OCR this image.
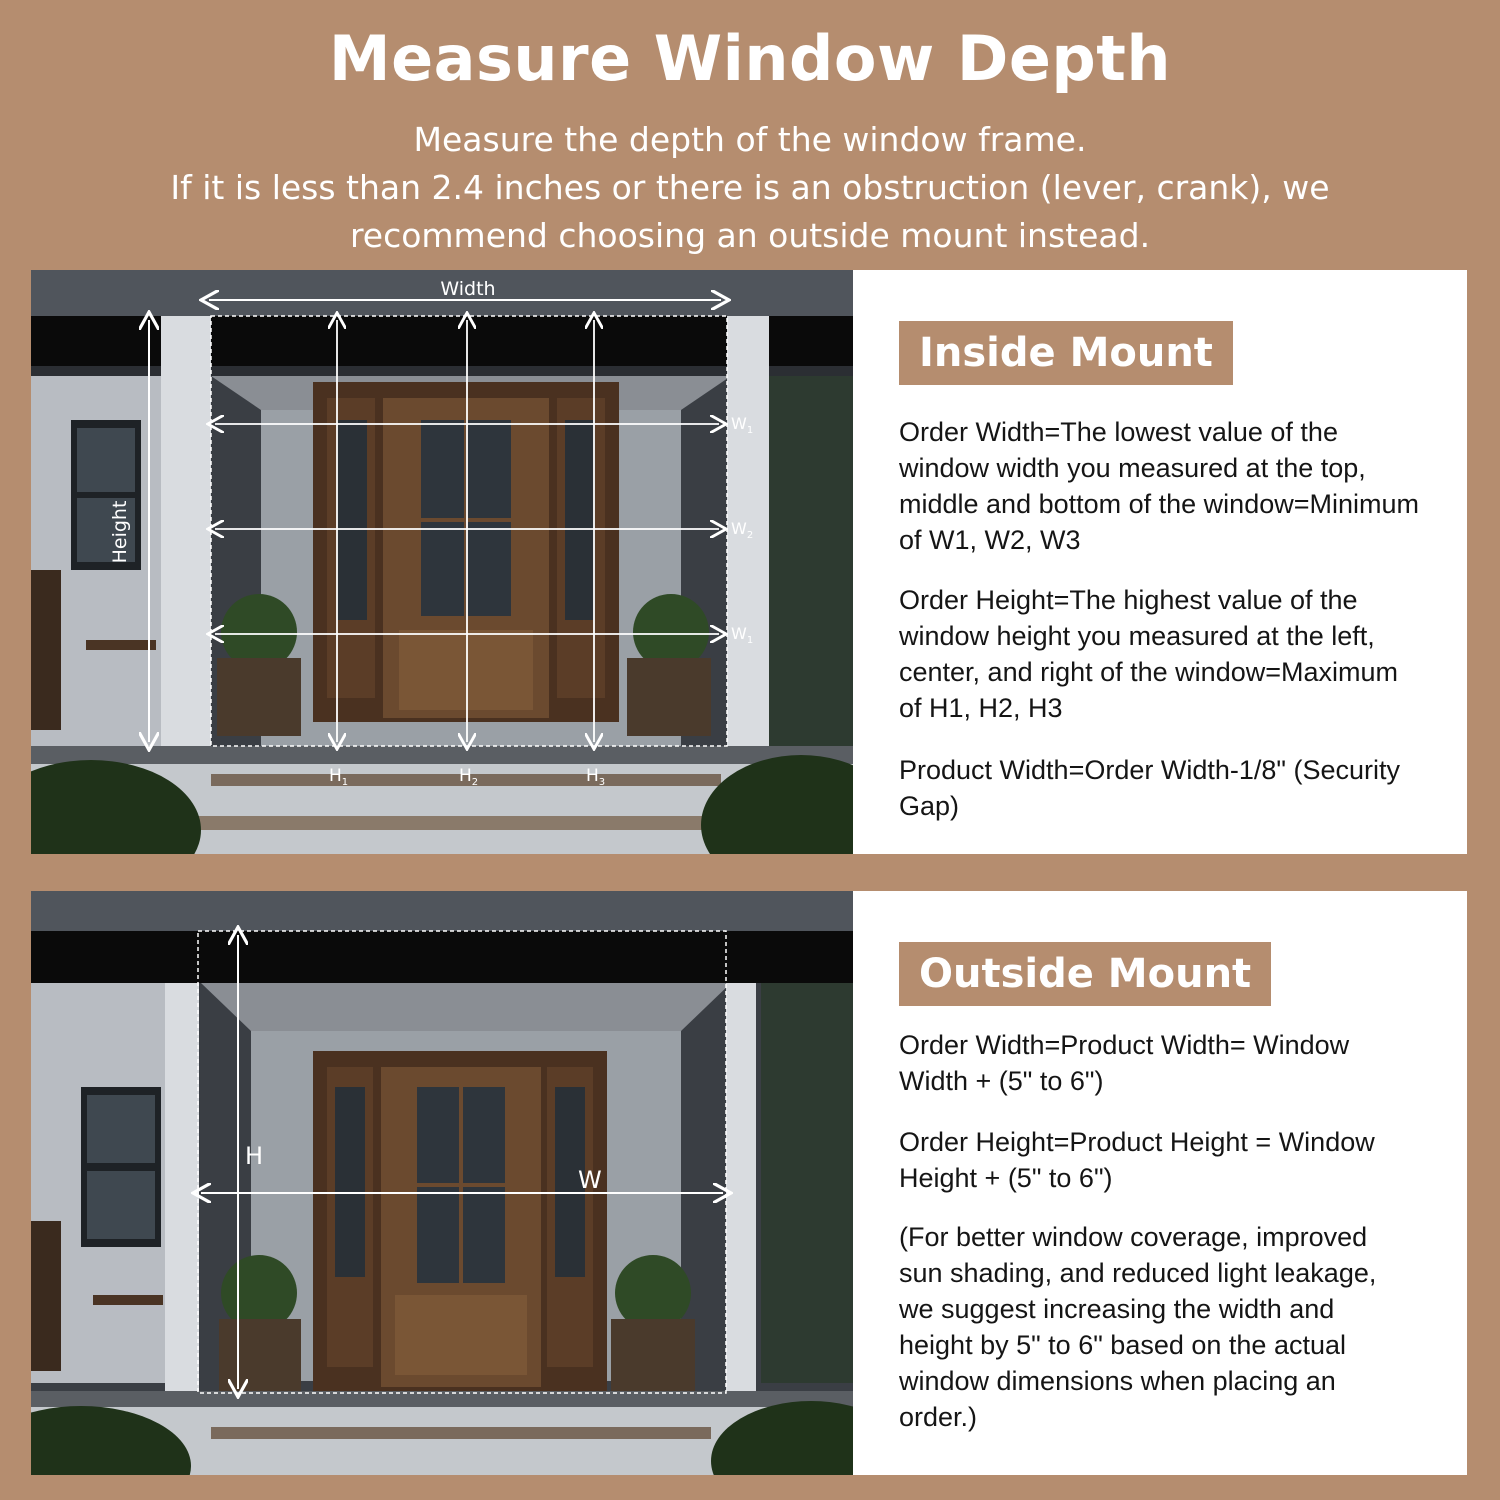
Measure Window Depth
Measure the depth of the window frame.
If it is less than 2.4 inches or there is an obstruction (lever, crank), we
recommend choosing an outside mount instead.
Width
Height
$W_1$
$W_2$
$W_1$
$H_1$	$H_2$	$H_3$
Inside Mount
Order Width=The lowest value of the window width you measured at the top, middle and bottom of the window=Minimum of W1, W2, W3
Order Height=The highest value of the window height you measured at the left, center, and right of the window=Maximum of H1, H2, H3
Product Width=Order Width-1/8" (Security Gap)
H
W
Outside Mount
Order Width=Product Width= Window Width + (5" to 6")
Order Height=Product Height = Window Height + (5" to 6")
(For better window coverage, improved sun shading, and reduced light leakage, we suggest increasing the width and height by 5" to 6" based on the actual window dimensions when placing an order.)
